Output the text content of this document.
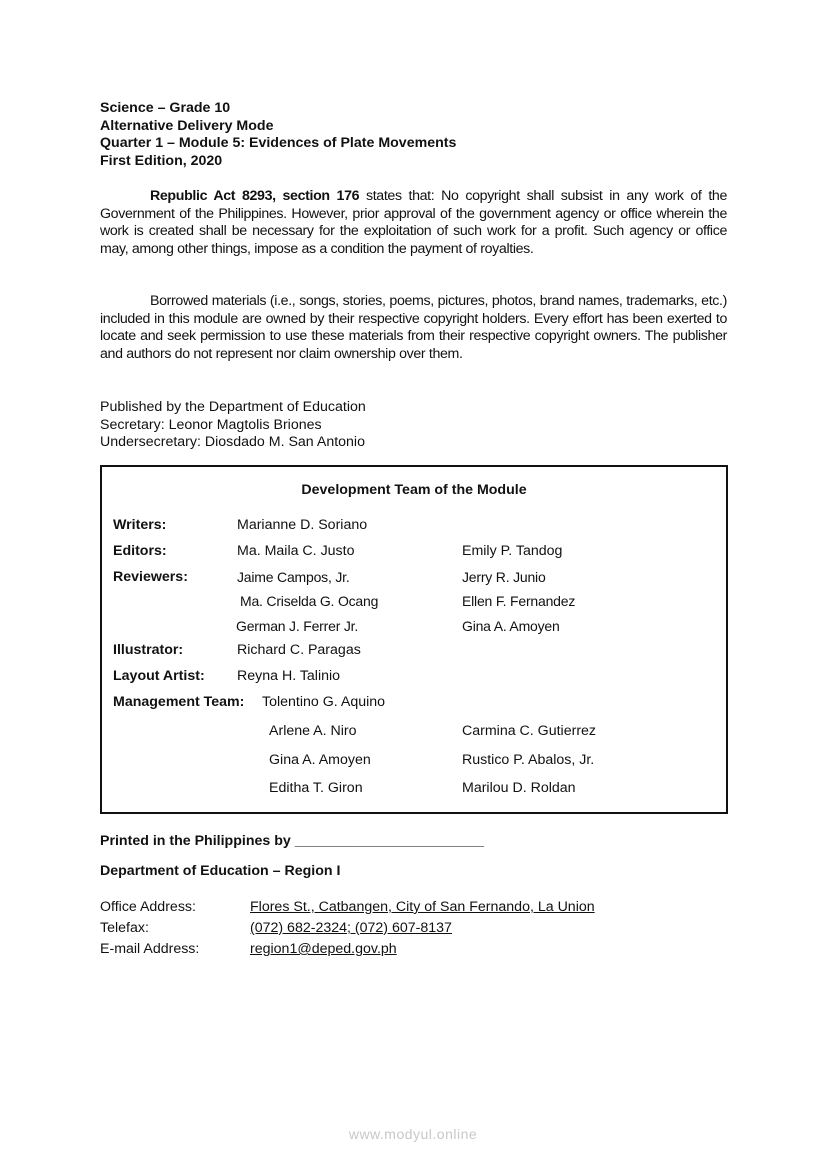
Science – Grade 10
Alternative Delivery Mode
Quarter 1 – Module 5: Evidences of Plate Movements
First Edition, 2020
Republic Act 8293, section 176 states that: No copyright shall subsist in any work of the Government of the Philippines. However, prior approval of the government agency or office wherein the work is created shall be necessary for the exploitation of such work for a profit. Such agency or office may, among other things, impose as a condition the payment of royalties.
Borrowed materials (i.e., songs, stories, poems, pictures, photos, brand names, trademarks, etc.) included in this module are owned by their respective copyright holders. Every effort has been exerted to locate and seek permission to use these materials from their respective copyright owners. The publisher and authors do not represent nor claim ownership over them.
Published by the Department of Education
Secretary: Leonor Magtolis Briones
Undersecretary: Diosdado M. San Antonio
Development Team of the Module
Writers:	Marianne D. Soriano
Editors:	Ma. Maila C. Justo	Emily P. Tandog
Reviewers:	Jaime Campos, Jr.	Jerry R. Junio
Ma. Criselda G. Ocang	Ellen F. Fernandez
German J. Ferrer Jr.	Gina A. Amoyen
Illustrator:	Richard C. Paragas
Layout Artist: Reyna H. Talinio
Management Team: Tolentino G. Aquino
Arlene A. Niro	Carmina C. Gutierrez
Gina A. Amoyen	Rustico P. Abalos, Jr.
Editha T. Giron	Marilou D. Roldan
Printed in the Philippines by ________________________
Department of Education – Region I
Office Address:	Flores St., Catbangen, City of San Fernando, La Union
Telefax:	(072) 682-2324; (072) 607-8137
E-mail Address:	region1@deped.gov.ph
www.modyul.online
